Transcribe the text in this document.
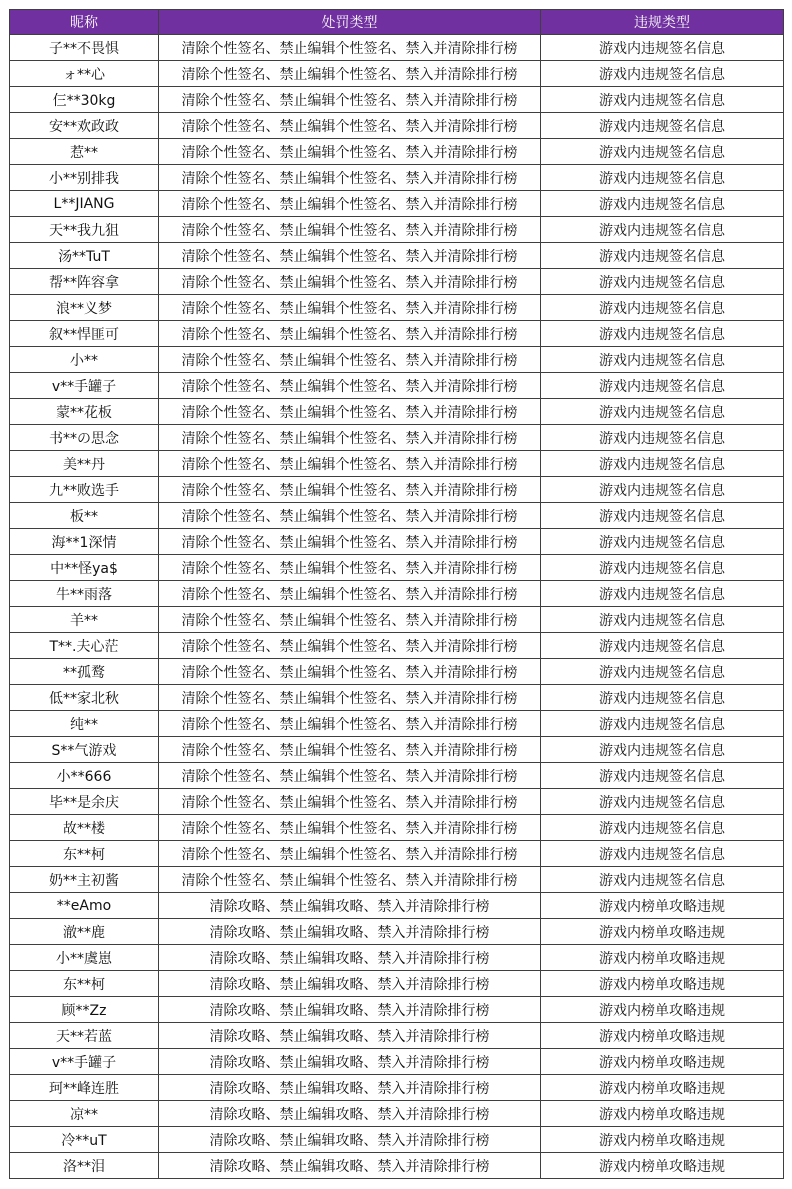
昵称	处罚类型	违规类型
子**不畏惧	清除个性签名、禁止编辑个性签名、禁入并清除排行榜	游戏内违规签名信息
ォ**心	清除个性签名、禁止编辑个性签名、禁入并清除排行榜	游戏内违规签名信息
仨**30kg	清除个性签名、禁止编辑个性签名、禁入并清除排行榜	游戏内违规签名信息
安**欢政政	清除个性签名、禁止编辑个性签名、禁入并清除排行榜	游戏内违规签名信息
惹**	清除个性签名、禁止编辑个性签名、禁入并清除排行榜	游戏内违规签名信息
小**别排我	清除个性签名、禁止编辑个性签名、禁入并清除排行榜	游戏内违规签名信息
L**JIANG	清除个性签名、禁止编辑个性签名、禁入并清除排行榜	游戏内违规签名信息
天**我九狙	清除个性签名、禁止编辑个性签名、禁入并清除排行榜	游戏内违规签名信息
汤**TuT	清除个性签名、禁止编辑个性签名、禁入并清除排行榜	游戏内违规签名信息
帮**阵容拿	清除个性签名、禁止编辑个性签名、禁入并清除排行榜	游戏内违规签名信息
浪**义梦	清除个性签名、禁止编辑个性签名、禁入并清除排行榜	游戏内违规签名信息
叙**悍匪可	清除个性签名、禁止编辑个性签名、禁入并清除排行榜	游戏内违规签名信息
小**	清除个性签名、禁止编辑个性签名、禁入并清除排行榜	游戏内违规签名信息
v**手罐子	清除个性签名、禁止编辑个性签名、禁入并清除排行榜	游戏内违规签名信息
蒙**花板	清除个性签名、禁止编辑个性签名、禁入并清除排行榜	游戏内违规签名信息
书**の思念	清除个性签名、禁止编辑个性签名、禁入并清除排行榜	游戏内违规签名信息
美**丹	清除个性签名、禁止编辑个性签名、禁入并清除排行榜	游戏内违规签名信息
九**败选手	清除个性签名、禁止编辑个性签名、禁入并清除排行榜	游戏内违规签名信息
板**	清除个性签名、禁止编辑个性签名、禁入并清除排行榜	游戏内违规签名信息
海**1深情	清除个性签名、禁止编辑个性签名、禁入并清除排行榜	游戏内违规签名信息
中**怪ya$	清除个性签名、禁止编辑个性签名、禁入并清除排行榜	游戏内违规签名信息
牛**雨落	清除个性签名、禁止编辑个性签名、禁入并清除排行榜	游戏内违规签名信息
羊**	清除个性签名、禁止编辑个性签名、禁入并清除排行榜	游戏内违规签名信息
T**.夫心茫	清除个性签名、禁止编辑个性签名、禁入并清除排行榜	游戏内违规签名信息
**孤鹜	清除个性签名、禁止编辑个性签名、禁入并清除排行榜	游戏内违规签名信息
低**家北秋	清除个性签名、禁止编辑个性签名、禁入并清除排行榜	游戏内违规签名信息
纯**	清除个性签名、禁止编辑个性签名、禁入并清除排行榜	游戏内违规签名信息
S**气游戏	清除个性签名、禁止编辑个性签名、禁入并清除排行榜	游戏内违规签名信息
小**666	清除个性签名、禁止编辑个性签名、禁入并清除排行榜	游戏内违规签名信息
毕**是余庆	清除个性签名、禁止编辑个性签名、禁入并清除排行榜	游戏内违规签名信息
故**楼	清除个性签名、禁止编辑个性签名、禁入并清除排行榜	游戏内违规签名信息
东**柯	清除个性签名、禁止编辑个性签名、禁入并清除排行榜	游戏内违规签名信息
奶**主初酱	清除个性签名、禁止编辑个性签名、禁入并清除排行榜	游戏内违规签名信息
**eAmo	清除攻略、禁止编辑攻略、禁入并清除排行榜	游戏内榜单攻略违规
澈**鹿	清除攻略、禁止编辑攻略、禁入并清除排行榜	游戏内榜单攻略违规
小**虞崽	清除攻略、禁止编辑攻略、禁入并清除排行榜	游戏内榜单攻略违规
东**柯	清除攻略、禁止编辑攻略、禁入并清除排行榜	游戏内榜单攻略违规
顾**Zz	清除攻略、禁止编辑攻略、禁入并清除排行榜	游戏内榜单攻略违规
天**若蓝	清除攻略、禁止编辑攻略、禁入并清除排行榜	游戏内榜单攻略违规
v**手罐子	清除攻略、禁止编辑攻略、禁入并清除排行榜	游戏内榜单攻略违规
珂**峰连胜	清除攻略、禁止编辑攻略、禁入并清除排行榜	游戏内榜单攻略违规
凉**	清除攻略、禁止编辑攻略、禁入并清除排行榜	游戏内榜单攻略违规
冷**uT	清除攻略、禁止编辑攻略、禁入并清除排行榜	游戏内榜单攻略违规
洛**泪	清除攻略、禁止编辑攻略、禁入并清除排行榜	游戏内榜单攻略违规
